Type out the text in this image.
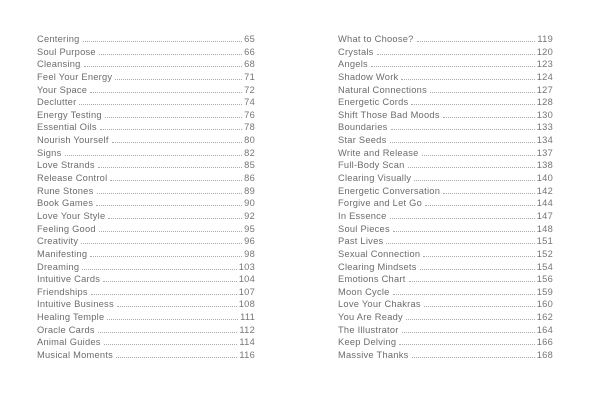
Centering	65
Soul Purpose	66
Cleansing	68
Feel Your Energy	71
Your Space	72
Declutter	74
Energy Testing	76
Essential Oils	78
Nourish Yourself	80
Signs	82
Love Strands	85
Release Control	86
Rune Stones	89
Book Games	90
Love Your Style	92
Feeling Good	95
Creativity	96
Manifesting	98
Dreaming	103
Intuitive Cards	104
Friendships	107
Intuitive Business	108
Healing Temple	111
Oracle Cards	112
Animal Guides	114
Musical Moments	116
What to Choose?	119
Crystals	120
Angels	123
Shadow Work	124
Natural Connections	127
Energetic Cords	128
Shift Those Bad Moods	130
Boundaries	133
Star Seeds	134
Write and Release	137
Full-Body Scan	138
Clearing Visually	140
Energetic Conversation	142
Forgive and Let Go	144
In Essence	147
Soul Pieces	148
Past Lives	151
Sexual Connection	152
Clearing Mindsets	154
Emotions Chart	156
Moon Cycle	159
Love Your Chakras	160
You Are Ready	162
The Illustrator	164
Keep Delving	166
Massive Thanks	168
